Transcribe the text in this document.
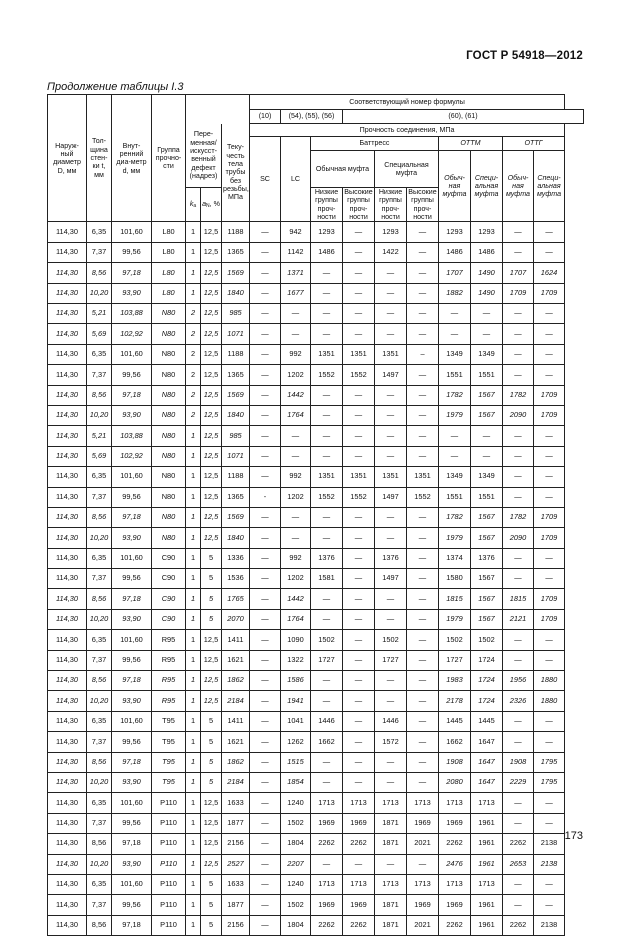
ГОСТ Р 54918—2012
Продолжение таблицы I.3
Наруж-ный диаметр D, мм	Тол-щина стен-ки t, мм	Внут-ренний диа-метр d, мм	Группа прочно-сти				Соответствующий номер формулы									
							(10)	(54), (55), (56)		(60), (61)						
				Пере-менная/ искусст-венный дефект (надрез)		Теку-честь тела трубы без резьбы, МПа	Прочность соединения, МПа									
							SC	LC	Баттресс				ОТТМ		ОТТГ	
									Обычная муфта		Специальная муфта		Обыч-ная муфта	Специ-альная муфта	Обыч-ная муфта	Специ-альная муфта
				$k_a$	$a_N$, %				Низкие группы проч-ности	Высокие группы проч-ности	Низкие группы проч-ности	Высокие группы проч-ности				
114,30	6,35	101,60	L80	1	12,5	1188	—	942	1293	—	1293	—	1293	1293	—	—
114,30	7,37	99,56	L80	1	12,5	1365	—	1142	1486	—	1422	—	1486	1486	—	—
114,30	8,56	97,18	L80	1	12,5	1569	—	1371	—	—	—	—	1707	1490	1707	1624
114,30	10,20	93,90	L80	1	12,5	1840	—	1677	—	—	—	—	1882	1490	1709	1709
114,30	5,21	103,88	N80	2	12,5	985	—	—	—	—	—	—	—	—	—	—
114,30	5,69	102,92	N80	2	12,5	1071	—	—	—	—	—	—	—	—	—	—
114,30	6,35	101,60	N80	2	12,5	1188	—	992	1351	1351	1351	–	1349	1349	—	—
114,30	7,37	99,56	N80	2	12,5	1365	—	1202	1552	1552	1497	—	1551	1551	—	—
114,30	8,56	97,18	N80	2	12,5	1569	—	1442	—	—	—	—	1782	1567	1782	1709
114,30	10,20	93,90	N80	2	12,5	1840	—	1764	—	—	—	—	1979	1567	2090	1709
114,30	5,21	103,88	N80	1	12,5	985	—	—	—	—	—	—	—	—	—	—
114,30	5,69	102,92	N80	1	12,5	1071	—	—	—	—	—	—	—	—	—	—
114,30	6,35	101,60	N80	1	12,5	1188	—	992	1351	1351	1351	1351	1349	1349	—	—
114,30	7,37	99,56	N80	1	12,5	1365	-	1202	1552	1552	1497	1552	1551	1551	—	—
114,30	8,56	97,18	N80	1	12,5	1569	—	—	—	—	—	—	1782	1567	1782	1709
114,30	10,20	93,90	N80	1	12,5	1840	—	—	—	—	—	—	1979	1567	2090	1709
114,30	6,35	101,60	C90	1	5	1336	—	992	1376	—	1376	—	1374	1376	—	—
114,30	7,37	99,56	C90	1	5	1536	—	1202	1581	—	1497	—	1580	1567	—	—
114,30	8,56	97,18	C90	1	5	1765	—	1442	—	—	—	—	1815	1567	1815	1709
114,30	10,20	93,90	C90	1	5	2070	—	1764	—	—	—	—	1979	1567	2121	1709
114,30	6,35	101,60	R95	1	12,5	1411	—	1090	1502	—	1502	—	1502	1502	—	—
114,30	7,37	99,56	R95	1	12,5	1621	—	1322	1727	—	1727	—	1727	1724	—	—
114,30	8,56	97,18	R95	1	12,5	1862	—	1586	—	—	—	—	1983	1724	1956	1880
114,30	10,20	93,90	R95	1	12,5	2184	—	1941	—	—	—	—	2178	1724	2326	1880
114,30	6,35	101,60	T95	1	5	1411	—	1041	1446	—	1446	—	1445	1445	—	—
114,30	7,37	99,56	T95	1	5	1621	—	1262	1662	—	1572	—	1662	1647	—	—
114,30	8,56	97,18	T95	1	5	1862	—	1515	—	—	—	—	1908	1647	1908	1795
114,30	10,20	93,90	T95	1	5	2184	—	1854	—	—	—	—	2080	1647	2229	1795
114,30	6,35	101,60	P110	1	12,5	1633	—	1240	1713	1713	1713	1713	1713	1713	—	—
114,30	7,37	99,56	P110	1	12,5	1877	—	1502	1969	1969	1871	1969	1969	1961	—	—
114,30	8,56	97,18	P110	1	12,5	2156	—	1804	2262	2262	1871	2021	2262	1961	2262	2138
114,30	10,20	93,90	P110	1	12,5	2527	—	2207	—	—	—	—	2476	1961	2653	2138
114,30	6,35	101,60	P110	1	5	1633	—	1240	1713	1713	1713	1713	1713	1713	—	—
114,30	7,37	99,56	P110	1	5	1877	—	1502	1969	1969	1871	1969	1969	1961	—	—
114,30	8,56	97,18	P110	1	5	2156	—	1804	2262	2262	1871	2021	2262	1961	2262	2138
173
